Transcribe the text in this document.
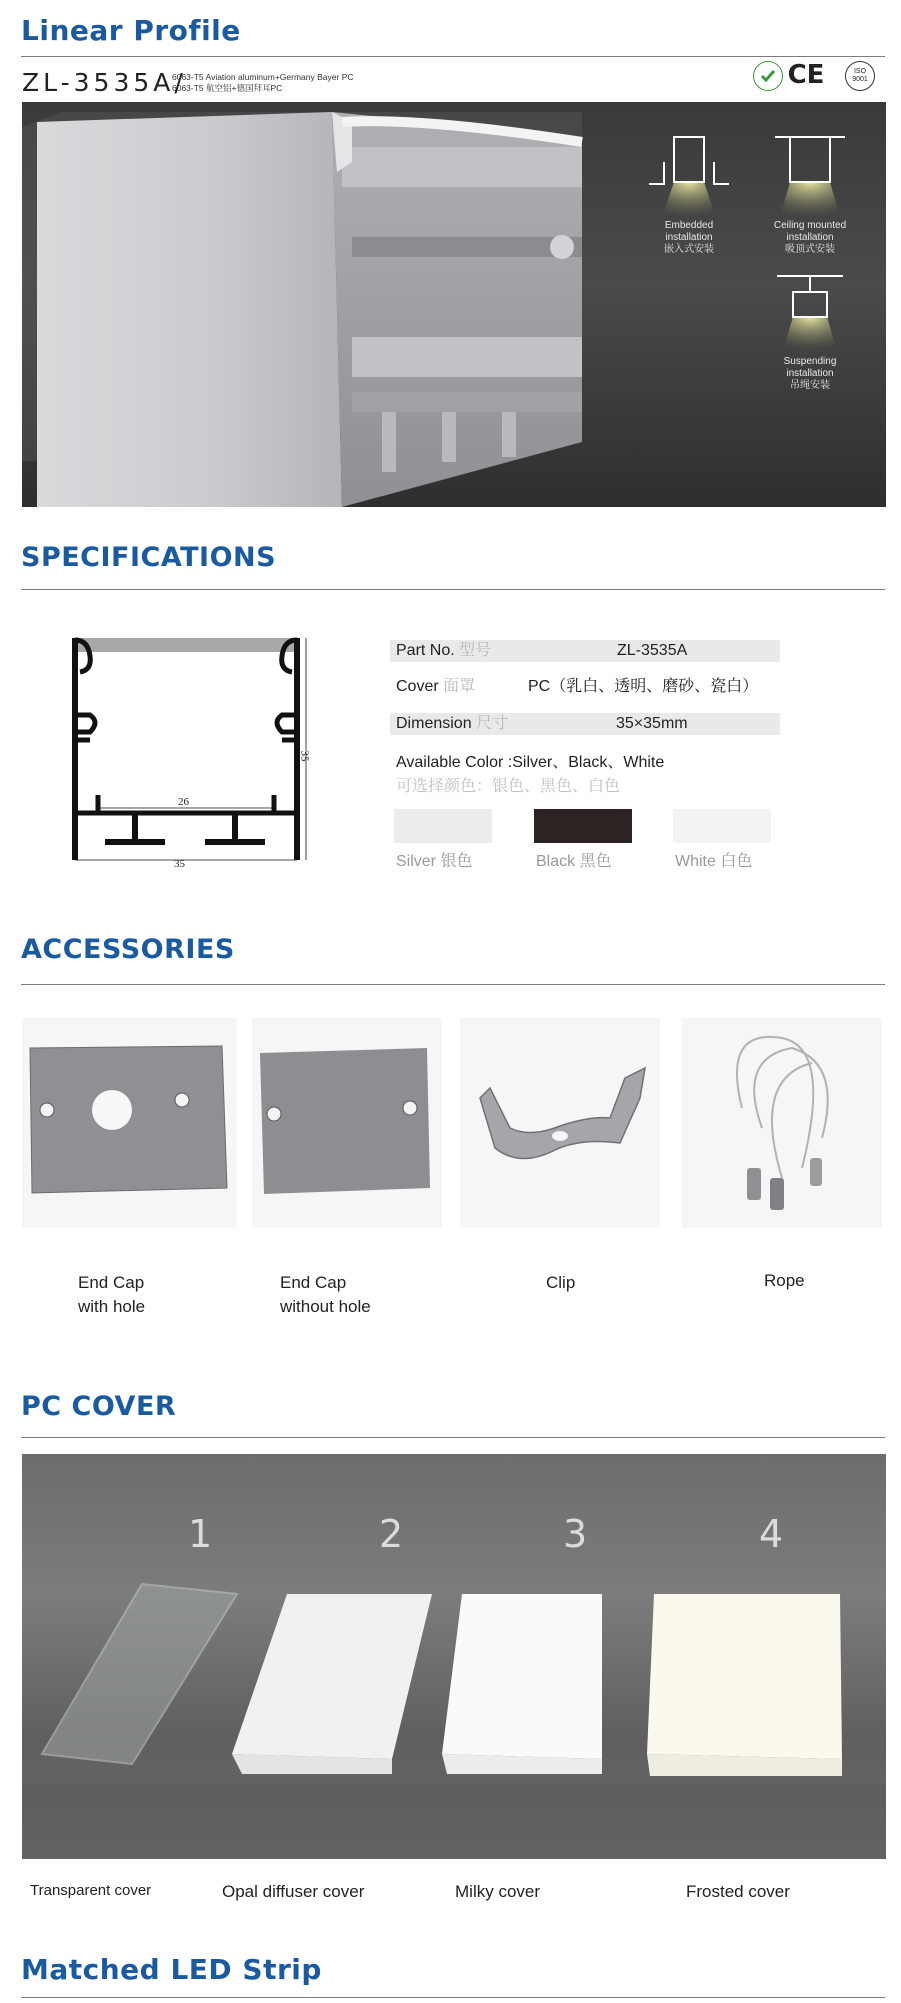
Linear Profile
ZL-3535A/
6063-T5 Aviation aluminum+Germany Bayer PC
6063-T5 航空铝+德国拜耳PC	CE	ISO 9001
Embedded
installation
嵌入式安装
Ceiling mounted
installation
吸顶式安装
Suspending
installation
吊绳安装
SPECIFICATIONS
26
35
35
Part No. 型号	ZL-3535A
Cover 面罩	PC（乳白、透明、磨砂、瓷白）
Dimension 尺寸	35×35mm
Available Color :Silver、Black、White
可选择颜色：银色、黑色、白色
Silver 银色	Black 黑色	White 白色
ACCESSORIES
End Cap
with hole
End Cap
without hole
Clip	Rope
PC COVER
1	2	3	4
Transparent cover	Opal diffuser cover	Milky cover	Frosted cover
Matched LED Strip
